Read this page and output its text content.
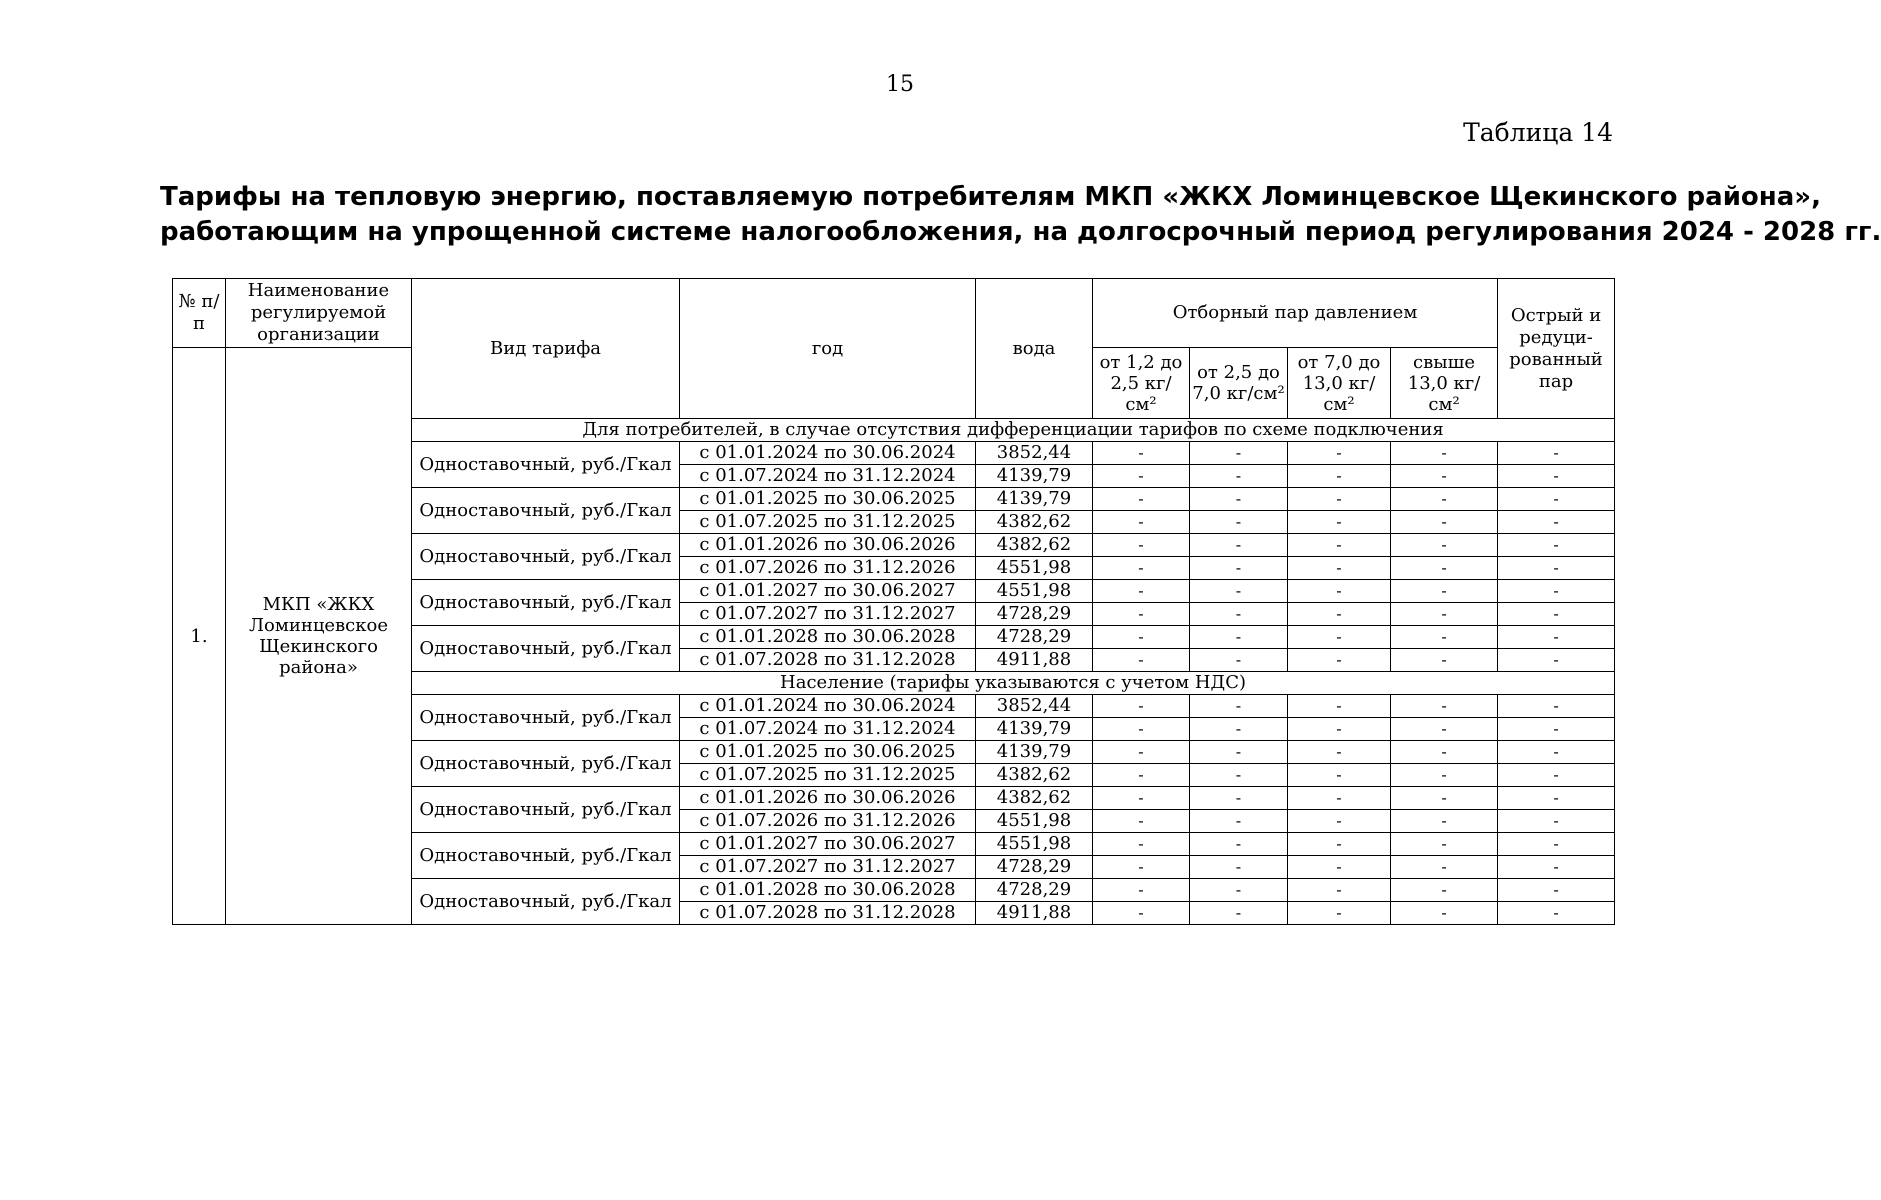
15
Таблица 14
Тарифы на тепловую энергию, поставляемую потребителям МКП «ЖКХ Ломинцевское Щекинского района»,
работающим на упрощенной системе налогообложения, на долгосрочный период регулирования 2024 - 2028 гг.
№ п/п	Наименование регулируемой организации	Вид тарифа	год	вода	Отборный пар давлением				Острый и редуци-рованный пар
1.	МКП «ЖКХ Ломинцевское Щекинского района»				от 1,2 до 2,5 кг/см²	от 2,5 до 7,0 кг/см²	от 7,0 до 13,0 кг/см²	свыше 13,0 кг/см²	
		Для потребителей, в случае отсутствия дифференциации тарифов по схеме подключения							
		Одноставочный, руб./Гкал	с 01.01.2024 по 30.06.2024	3852,44	-	-	-	-	-
			с 01.07.2024 по 31.12.2024	4139,79	-	-	-	-	-
		Одноставочный, руб./Гкал	с 01.01.2025 по 30.06.2025	4139,79	-	-	-	-	-
			с 01.07.2025 по 31.12.2025	4382,62	-	-	-	-	-
		Одноставочный, руб./Гкал	с 01.01.2026 по 30.06.2026	4382,62	-	-	-	-	-
			с 01.07.2026 по 31.12.2026	4551,98	-	-	-	-	-
		Одноставочный, руб./Гкал	с 01.01.2027 по 30.06.2027	4551,98	-	-	-	-	-
			с 01.07.2027 по 31.12.2027	4728,29	-	-	-	-	-
		Одноставочный, руб./Гкал	с 01.01.2028 по 30.06.2028	4728,29	-	-	-	-	-
			с 01.07.2028 по 31.12.2028	4911,88	-	-	-	-	-
		Население (тарифы указываются с учетом НДС)							
		Одноставочный, руб./Гкал	с 01.01.2024 по 30.06.2024	3852,44	-	-	-	-	-
			с 01.07.2024 по 31.12.2024	4139,79	-	-	-	-	-
		Одноставочный, руб./Гкал	с 01.01.2025 по 30.06.2025	4139,79	-	-	-	-	-
			с 01.07.2025 по 31.12.2025	4382,62	-	-	-	-	-
		Одноставочный, руб./Гкал	с 01.01.2026 по 30.06.2026	4382,62	-	-	-	-	-
			с 01.07.2026 по 31.12.2026	4551,98	-	-	-	-	-
		Одноставочный, руб./Гкал	с 01.01.2027 по 30.06.2027	4551,98	-	-	-	-	-
			с 01.07.2027 по 31.12.2027	4728,29	-	-	-	-	-
		Одноставочный, руб./Гкал	с 01.01.2028 по 30.06.2028	4728,29	-	-	-	-	-
			с 01.07.2028 по 31.12.2028	4911,88	-	-	-	-	-
